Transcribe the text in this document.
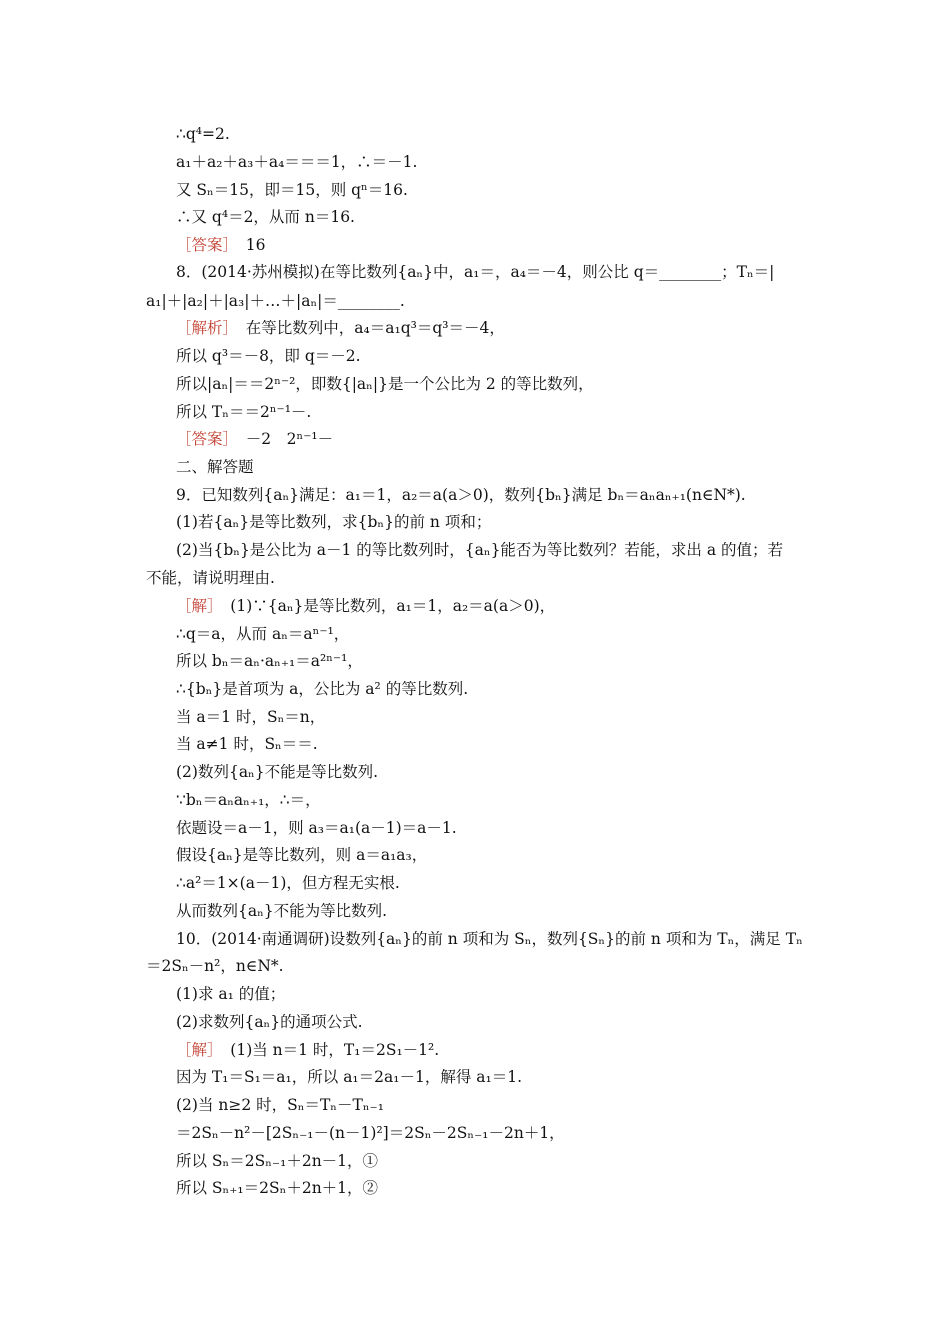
∴q⁴=2.
a₁＋a₂＋a₃＋a₄＝＝＝1，∴＝－1.
又 Sₙ＝15，即＝15，则 qⁿ＝16.
∴又 q⁴＝2，从而 n＝16.
［答案］　 16
8．(2014·苏州模拟)在等比数列{aₙ}中，a₁＝，a₄＝－4，则公比 q＝________；Tₙ＝|
a₁|＋|a₂|＋|a₃|＋…＋|aₙ|＝________.
［解析］　 在等比数列中，a₄＝a₁q³＝q³＝－4，
所以 q³＝－8，即 q＝－2.
所以|aₙ|＝＝2ⁿ⁻²，即数{|aₙ|}是一个公比为 2 的等比数列，
所以 Tₙ＝＝2ⁿ⁻¹－.
［答案］　 －2　2ⁿ⁻¹－
二、解答题
9．已知数列{aₙ}满足：a₁＝1，a₂＝a(a＞0)，数列{bₙ}满足 bₙ＝aₙaₙ₊₁(n∈N*).
(1)若{aₙ}是等比数列，求{bₙ}的前 n 项和；
(2)当{bₙ}是公比为 a－1 的等比数列时，{aₙ}能否为等比数列？若能，求出 a 的值；若
不能，请说明理由.
［解］　 (1)∵{aₙ}是等比数列，a₁＝1，a₂＝a(a＞0)，
∴q＝a，从而 aₙ＝aⁿ⁻¹，
所以 bₙ＝aₙ·aₙ₊₁＝a²ⁿ⁻¹，
∴{bₙ}是首项为 a，公比为 a² 的等比数列.
当 a＝1 时，Sₙ＝n，
当 a≠1 时，Sₙ＝＝.
(2)数列{aₙ}不能是等比数列.
∵bₙ＝aₙaₙ₊₁，∴＝，
依题设＝a－1，则 a₃＝a₁(a－1)＝a－1.
假设{aₙ}是等比数列，则 a＝a₁a₃，
∴a²＝1×(a－1)，但方程无实根.
从而数列{aₙ}不能为等比数列.
10．(2014·南通调研)设数列{aₙ}的前 n 项和为 Sₙ，数列{Sₙ}的前 n 项和为 Tₙ，满足 Tₙ
＝2Sₙ－n²，n∈N*.
(1)求 a₁ 的值；
(2)求数列{aₙ}的通项公式.
［解］　 (1)当 n＝1 时，T₁＝2S₁－1².
因为 T₁＝S₁＝a₁，所以 a₁＝2a₁－1，解得 a₁＝1.
(2)当 n≥2 时，Sₙ＝Tₙ－Tₙ₋₁
＝2Sₙ－n²－[2Sₙ₋₁－(n－1)²]＝2Sₙ－2Sₙ₋₁－2n＋1，
所以 Sₙ＝2Sₙ₋₁＋2n－1，①
所以 Sₙ₊₁＝2Sₙ＋2n＋1，②
